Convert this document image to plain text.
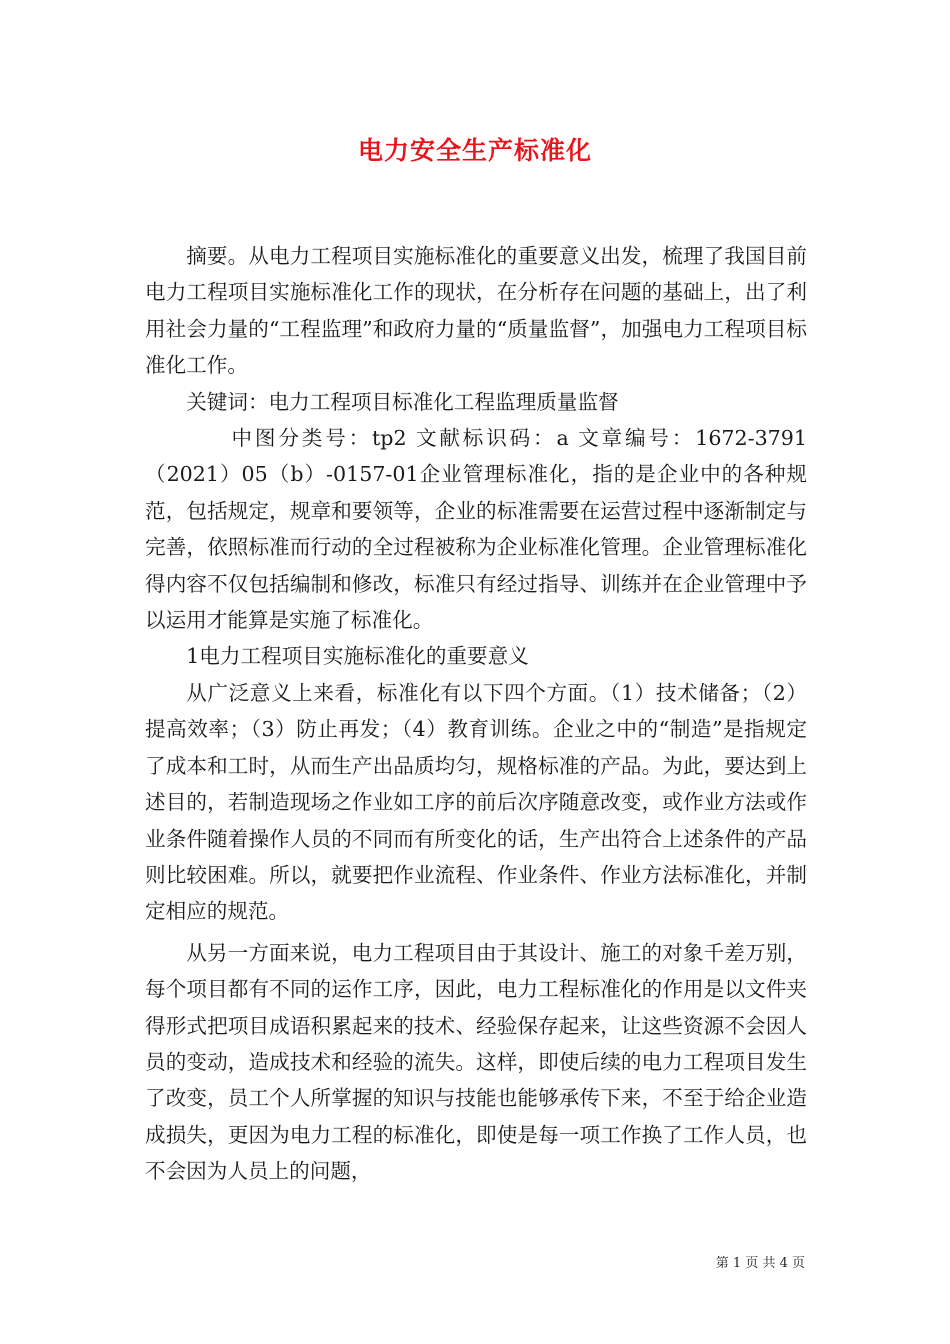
电力安全生产标准化

摘要。从电力工程项目实施标准化的重要意义出发，梳理了我国目前电力工程项目实施标准化工作的现状，在分析存在问题的基础上，出了利用社会力量的“工程监理”和政府力量的“质量监督”，加强电力工程项目标准化工作。

关键词：电力工程项目标准化工程监理质量监督

中图分类号：tp2 文献标识码：a 文章编号：1672-3791（2021）05（b）-0157-01企业管理标准化，指的是企业中的各种规范，包括规定，规章和要领等，企业的标准需要在运营过程中逐渐制定与完善，依照标准而行动的全过程被称为企业标准化管理。企业管理标准化得内容不仅包括编制和修改，标准只有经过指导、训练并在企业管理中予以运用才能算是实施了标准化。

1电力工程项目实施标准化的重要意义

从广泛意义上来看，标准化有以下四个方面。（1）技术储备；（2）提高效率；（3）防止再发；（4）教育训练。企业之中的“制造”是指规定了成本和工时，从而生产出品质均匀，规格标准的产品。为此，要达到上述目的，若制造现场之作业如工序的前后次序随意改变，或作业方法或作业条件随着操作人员的不同而有所变化的话，生产出符合上述条件的产品则比较困难。所以，就要把作业流程、作业条件、作业方法标准化，并制定相应的规范。

从另一方面来说，电力工程项目由于其设计、施工的对象千差万别，每个项目都有不同的运作工序，因此，电力工程标准化的作用是以文件夹得形式把项目成语积累起来的技术、经验保存起来，让这些资源不会因人员的变动，造成技术和经验的流失。这样，即使后续的电力工程项目发生了改变，员工个人所掌握的知识与技能也能够承传下来，不至于给企业造成损失，更因为电力工程的标准化，即使是每一项工作换了工作人员，也不会因为人员上的问题，

第 1 页 共 4 页
